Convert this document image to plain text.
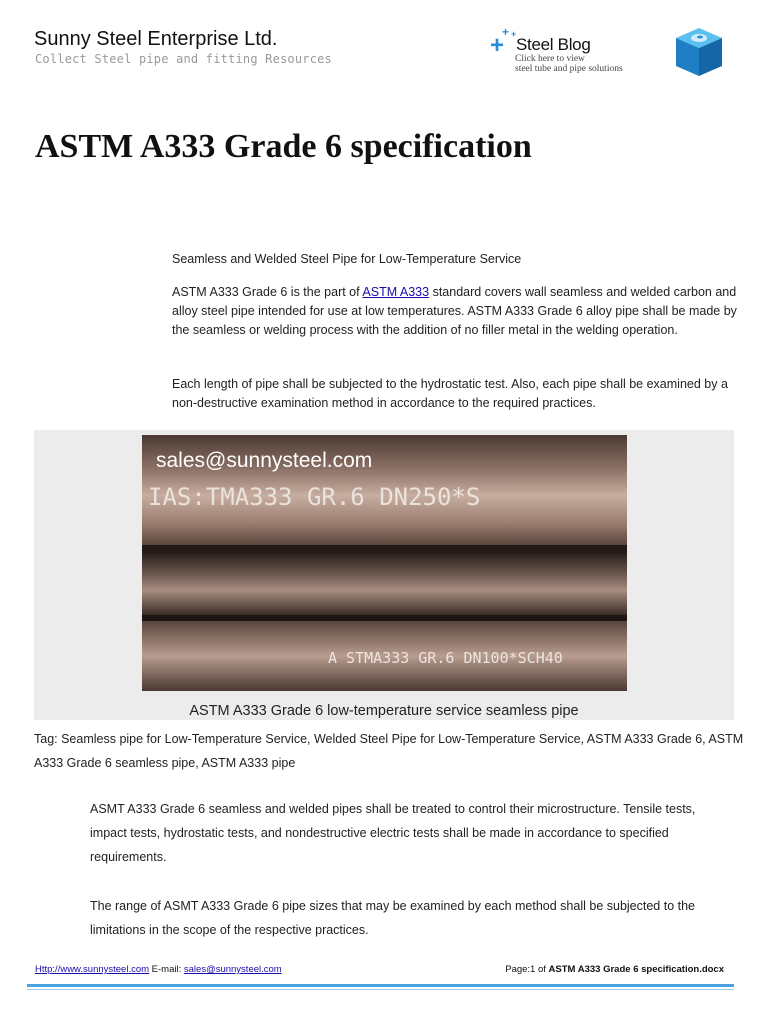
Sunny Steel Enterprise Ltd.
Collect Steel pipe and fitting Resources
+ +
+ Steel Blog
Click here to view
steel tube and pipe solutions
ASTM A333 Grade 6 specification

Seamless and Welded Steel Pipe for Low-Temperature Service

ASTM A333 Grade 6 is the part of ASTM A333 standard covers wall seamless and welded carbon and alloy steel pipe intended for use at low temperatures. ASTM A333 Grade 6 alloy pipe shall be made by the seamless or welding process with the addition of no filler metal in the welding operation.

Each length of pipe shall be subjected to the hydrostatic test. Also, each pipe shall be examined by a non-destructive examination method in accordance to the required practices.

sales@sunnysteel.com
IAS:TMA333 GR.6 DN250*S
A STMA333 GR.6 DN100*SCH40
ASTM A333 Grade 6 low-temperature service seamless pipe

Tag: Seamless pipe for Low-Temperature Service, Welded Steel Pipe for Low-Temperature Service, ASTM A333 Grade 6, ASTM A333 Grade 6 seamless pipe, ASTM A333 pipe

ASMT A333 Grade 6 seamless and welded pipes shall be treated to control their microstructure. Tensile tests, impact tests, hydrostatic tests, and nondestructive electric tests shall be made in accordance to specified requirements.

The range of ASMT A333 Grade 6 pipe sizes that may be examined by each method shall be subjected to the limitations in the scope of the respective practices.

Http://www.sunnysteel.com E-mail: sales@sunnysteel.com	Page:1 of ASTM A333 Grade 6 specification.docx
